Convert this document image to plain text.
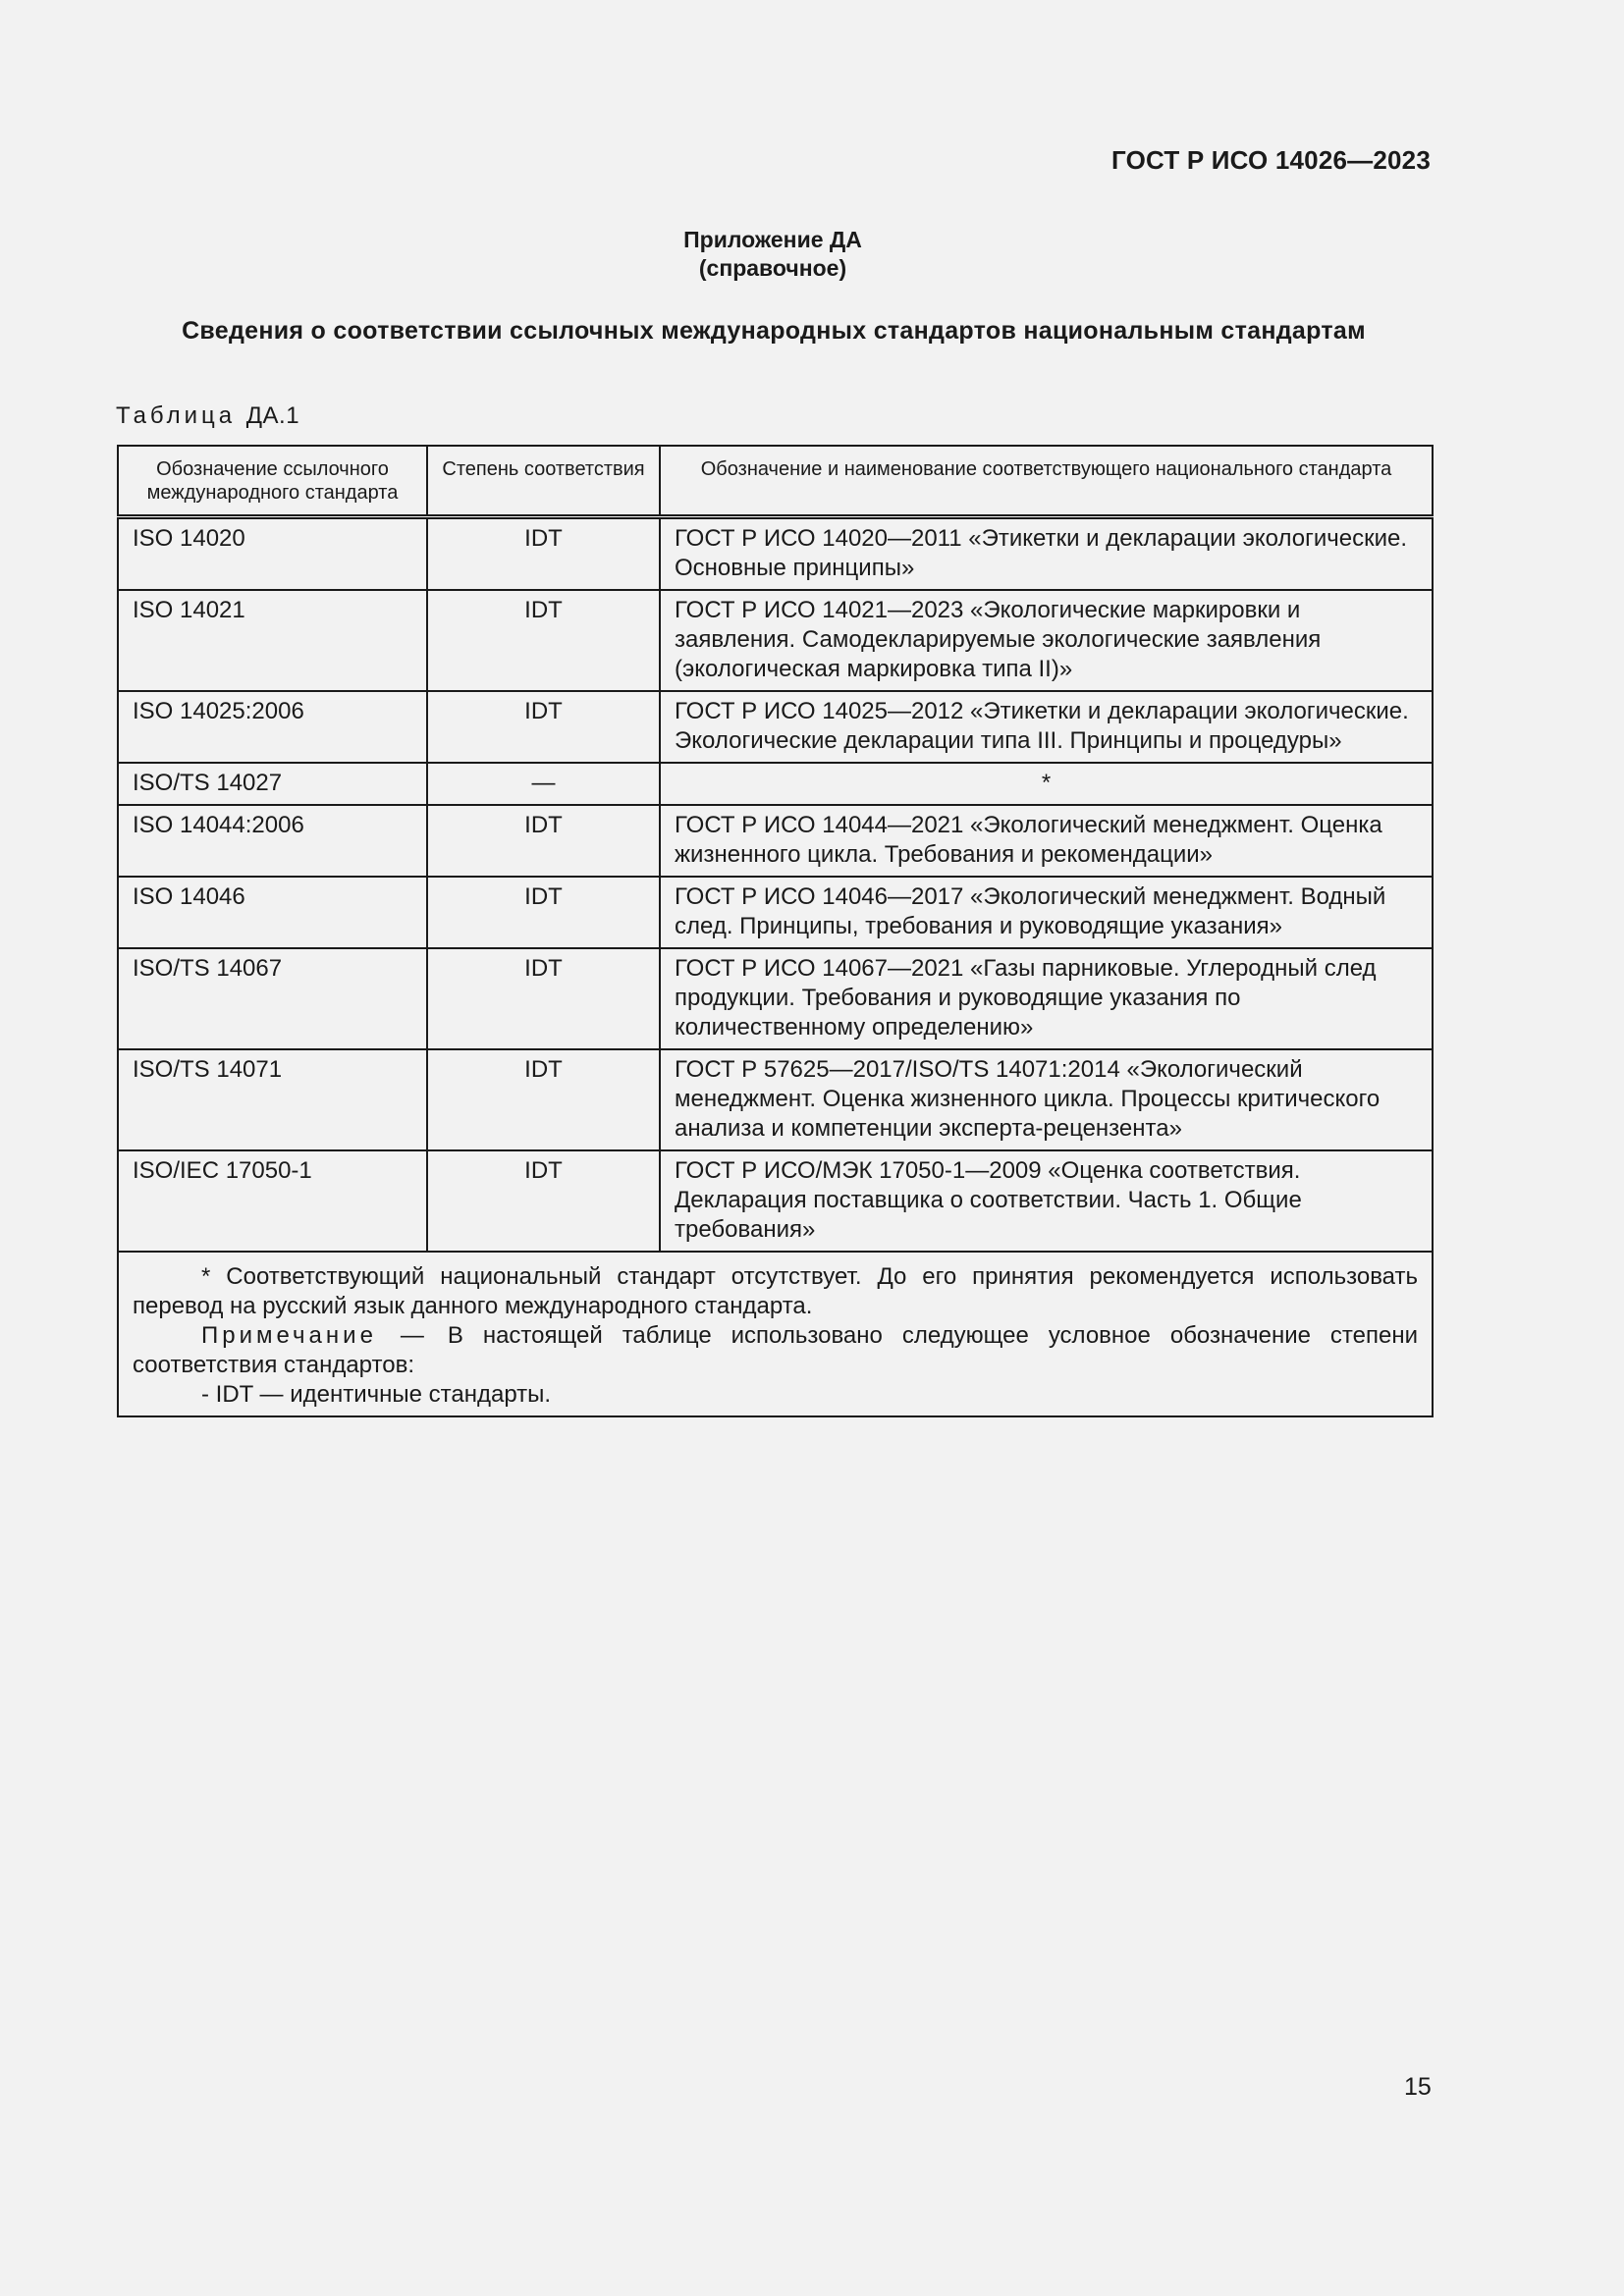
ГОСТ Р ИСО 14026—2023
Приложение ДА
(справочное)
Сведения о соответствии ссылочных международных стандартов национальным стандартам
Таблица ДА.1
Обозначение ссылочного международного стандарта	Степень соответствия	Обозначение и наименование соответствующего национального стандарта
ISO 14020	IDT	ГОСТ Р ИСО 14020—2011 «Этикетки и декларации экологические. Основные принципы»
ISO 14021	IDT	ГОСТ Р ИСО 14021—2023 «Экологические маркировки и заявления. Самодекларируемые экологические заявления (экологическая маркировка типа II)»
ISO 14025:2006	IDT	ГОСТ Р ИСО 14025—2012 «Этикетки и декларации экологические. Экологические декларации типа III. Принципы и процедуры»
ISO/TS 14027	—	*
ISO 14044:2006	IDT	ГОСТ Р ИСО 14044—2021 «Экологический менеджмент. Оценка жизненного цикла. Требования и рекомендации»
ISO 14046	IDT	ГОСТ Р ИСО 14046—2017 «Экологический менеджмент. Водный след. Принципы, требования и руководящие указания»
ISO/TS 14067	IDT	ГОСТ Р ИСО 14067—2021 «Газы парниковые. Углеродный след продукции. Требования и руководящие указания по количественному определению»
ISO/TS 14071	IDT	ГОСТ Р 57625—2017/ISO/TS 14071:2014 «Экологический менеджмент. Оценка жизненного цикла. Процессы критического анализа и компетенции эксперта-рецензента»
ISO/IEC 17050-1	IDT	ГОСТ Р ИСО/МЭК 17050-1—2009 «Оценка соответствия. Декларация поставщика о соответствии. Часть 1. Общие требования»

* Соответствующий национальный стандарт отсутствует. До его принятия рекомендуется использовать перевод на русский язык данного международного стандарта.

Примечание — В настоящей таблице использовано следующее условное обозначение степени соответствия стандартов:

- IDT — идентичные стандарты.		

15
